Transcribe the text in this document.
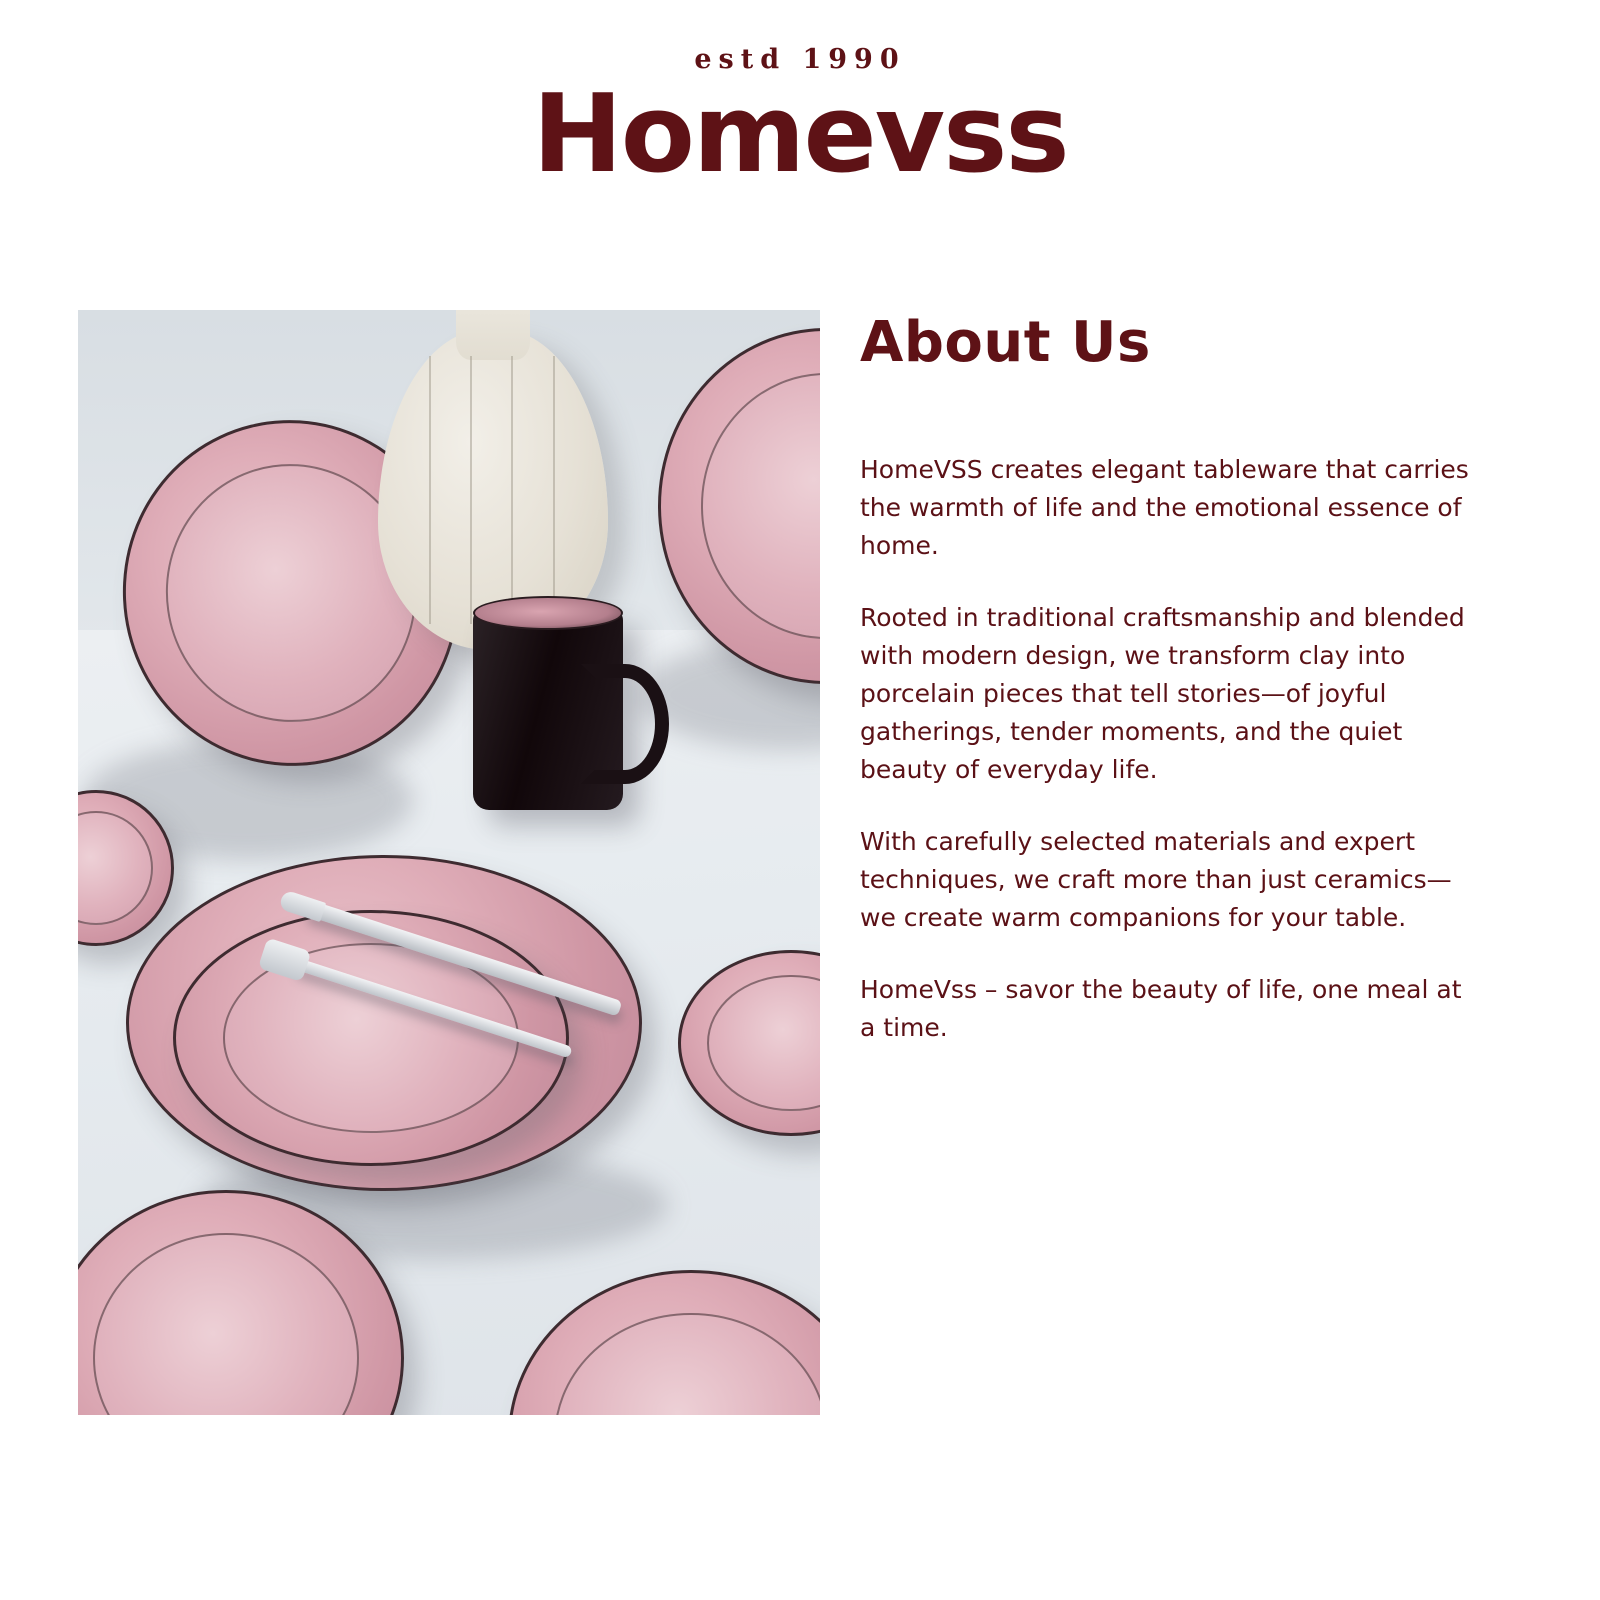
estd 1990
Homevss
About Us

HomeVSS creates elegant tableware that carries the warmth of life and the emotional essence of home.

Rooted in traditional craftsmanship and blended with modern design, we transform clay into porcelain pieces that tell stories—of joyful gatherings, tender moments, and the quiet beauty of everyday life.

With carefully selected materials and expert techniques, we craft more than just ceramics—we create warm companions for your table.

HomeVss – savor the beauty of life, one meal at a time.
